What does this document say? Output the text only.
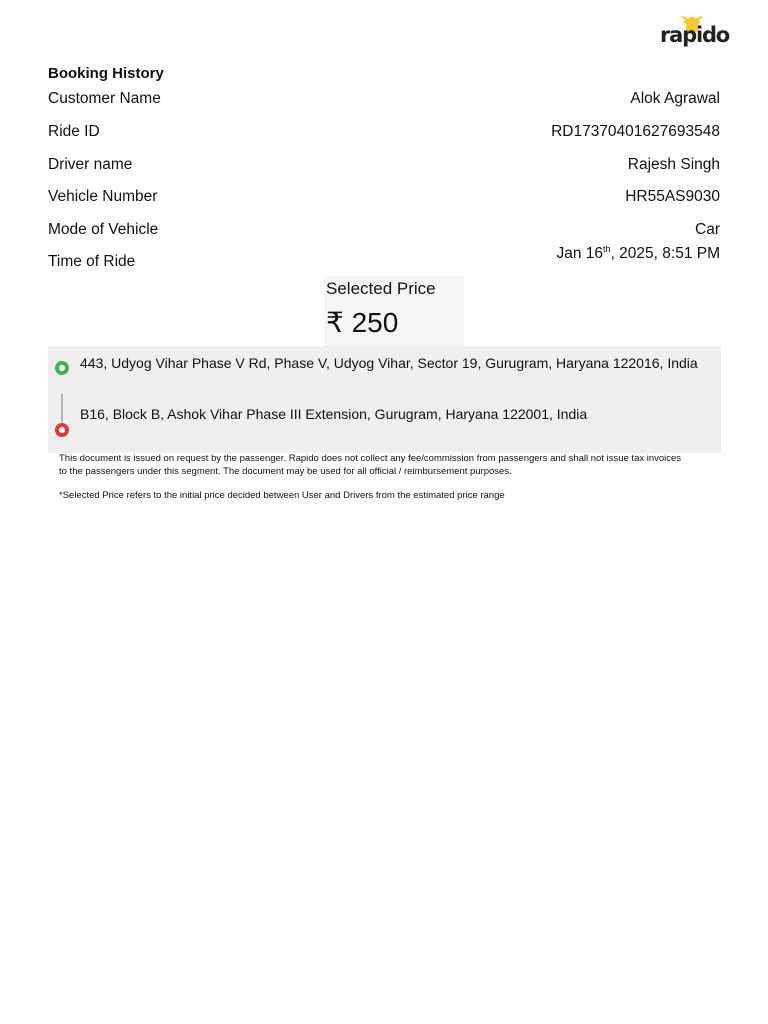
rapido
Booking History
Customer Name	Alok Agrawal
Ride ID	RD17370401627693548
Driver name	Rajesh Singh
Vehicle Number	HR55AS9030
Mode of Vehicle	Car
Time of Ride	Jan 16th, 2025, 8:51 PM
Selected Price
₹ 250
443, Udyog Vihar Phase V Rd, Phase V, Udyog Vihar, Sector 19, Gurugram, Haryana 122016, India
B16, Block B, Ashok Vihar Phase III Extension, Gurugram, Haryana 122001, India
This document is issued on request by the passenger. Rapido does not collect any fee/commission from passengers and shall not issue tax invoices to the passengers under this segment. The document may be used for all official / reimbursement purposes.
*Selected Price refers to the initial price decided between User and Drivers from the estimated price range
